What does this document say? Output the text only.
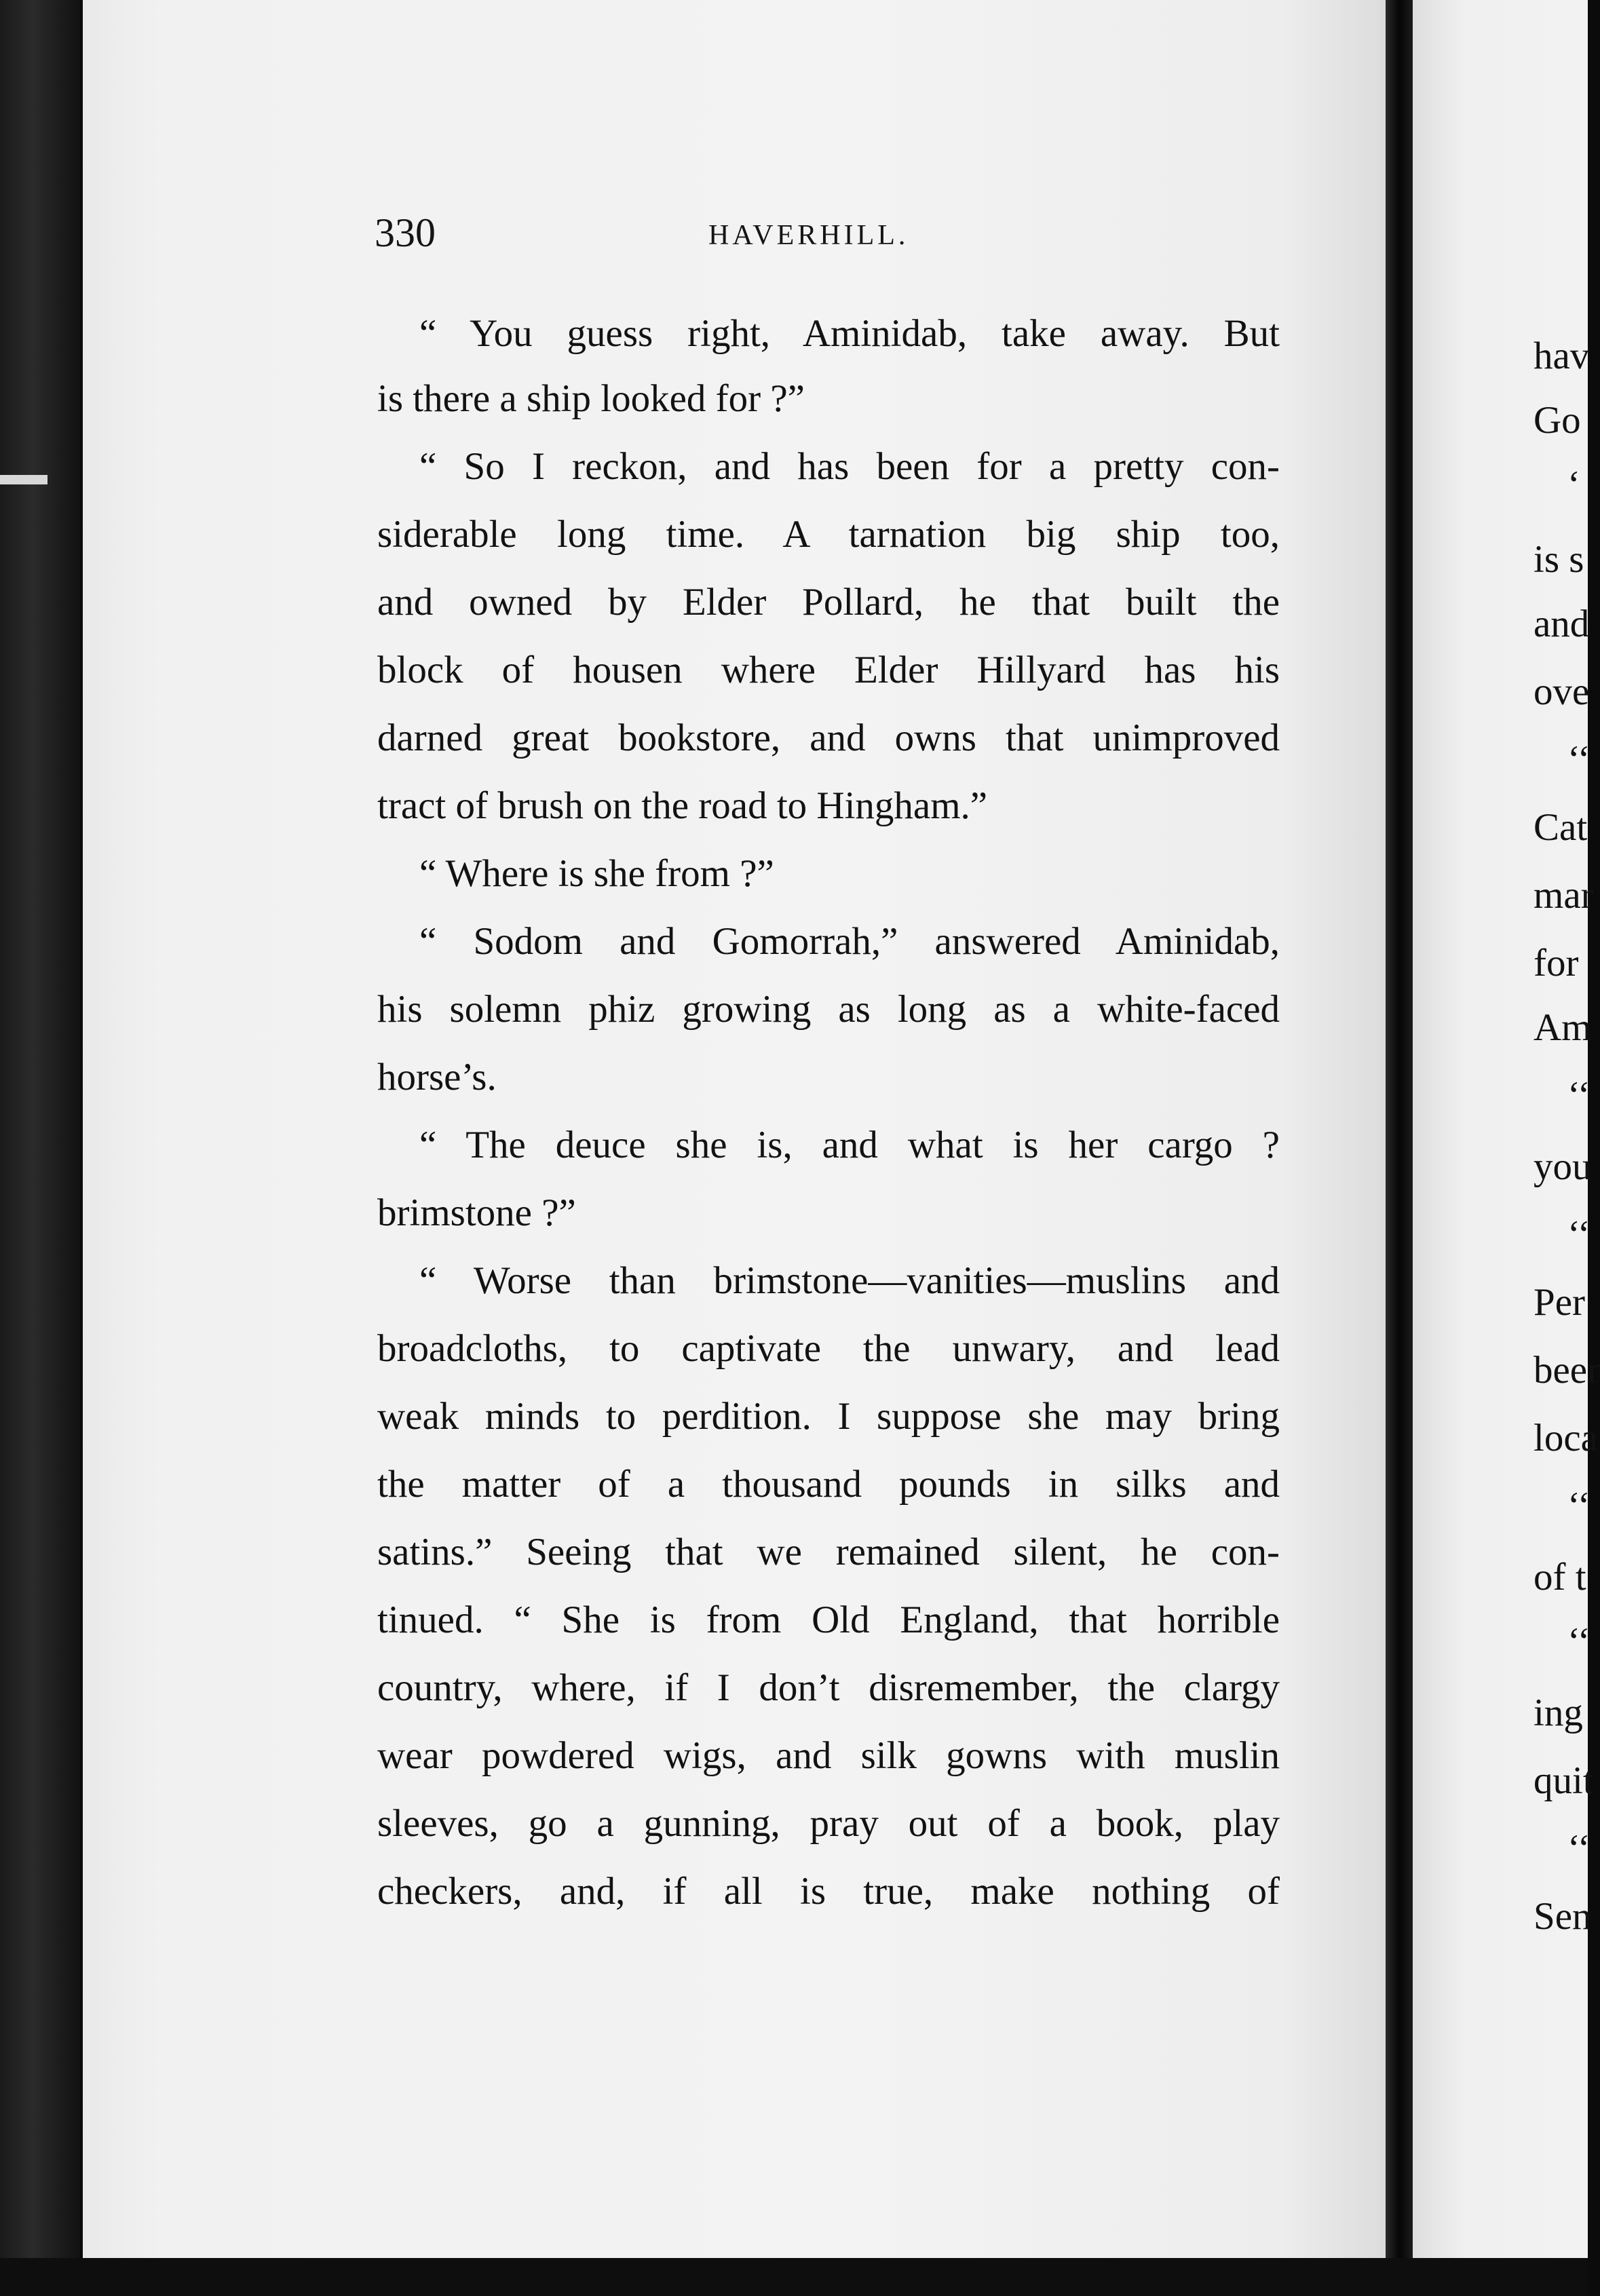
330	HAVERHILL.
“ You guess right, Aminidab, take away. But
is there a ship looked for ?”
“ So I reckon, and has been for a pretty con-
siderable long time. A tarnation big ship too,
and owned by Elder Pollard, he that built the
block of housen where Elder Hillyard has his
darned great bookstore, and owns that unimproved
tract of brush on the road to Hingham.”
“ Where is she from ?”
“ Sodom and Gomorrah,” answered Aminidab,
his solemn phiz growing as long as a white-faced
horse’s.
“ The deuce she is, and what is her cargo ?
brimstone ?”
“ Worse than brimstone—vanities—muslins and
broadcloths, to captivate the unwary, and lead
weak minds to perdition. I suppose she may bring
the matter of a thousand pounds in silks and
satins.” Seeing that we remained silent, he con-
tinued. “ She is from Old England, that horrible
country, where, if I don’t disremember, the clargy
wear powdered wigs, and silk gowns with muslin
sleeves, go a gunning, pray out of a book, play
checkers, and, if all is true, make nothing of
hav
Go
‘
is s
and
ove
‘‘
Cat
mar
for
Am
‘‘
you
‘‘
Per
beer
loca
‘‘
of t
‘‘
ing
quit
‘‘
Sen
